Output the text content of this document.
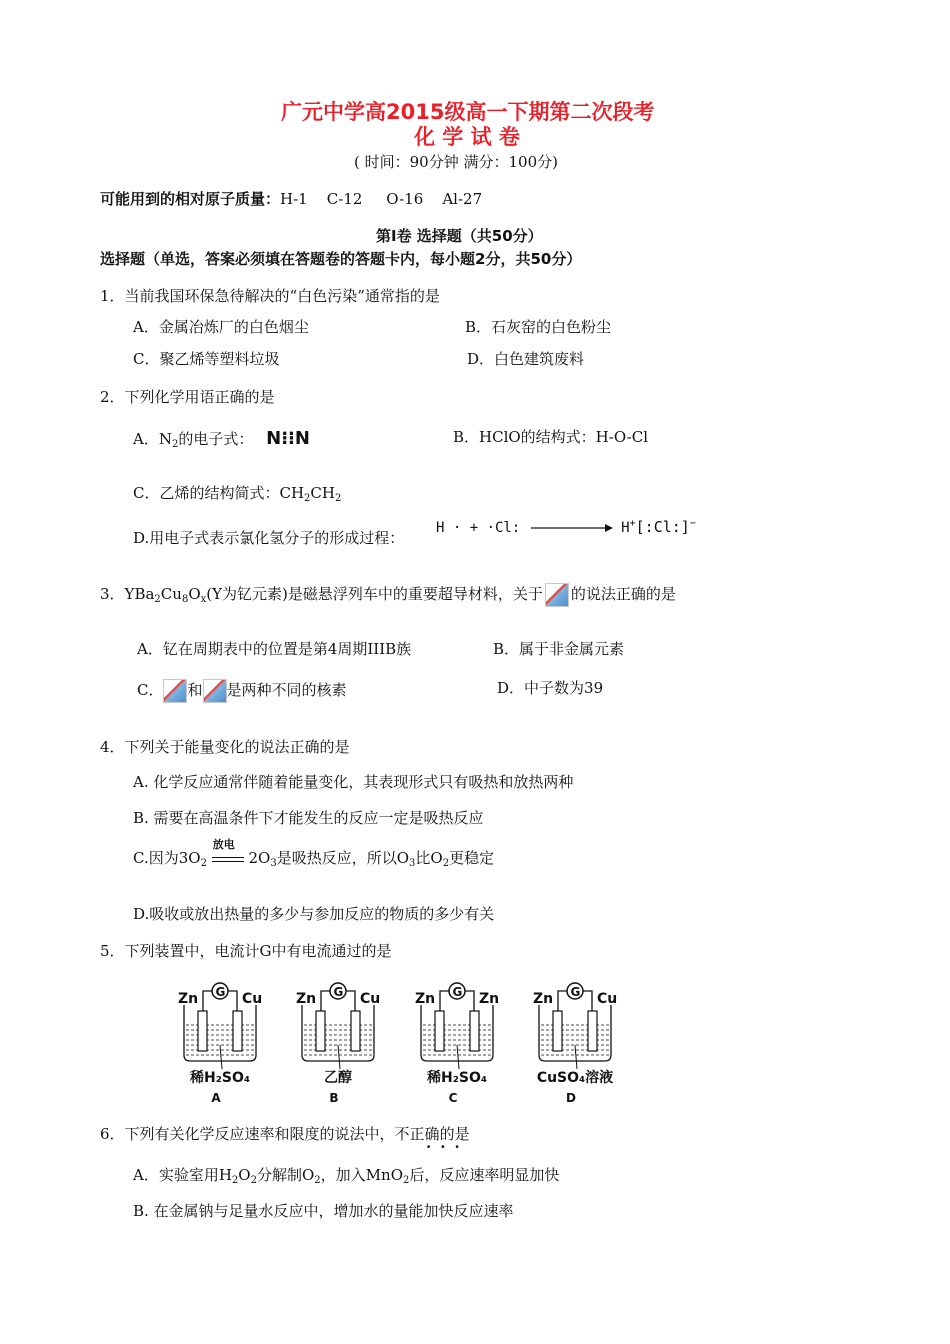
广元中学高2015级高一下期第二次段考
化 学 试 卷
( 时间：90分钟 满分：100分)
可能用到的相对原子质量：H-1    C-12     O-16    Al-27
第Ⅰ卷 选择题（共50分）
选择题（单选，答案必须填在答题卷的答题卡内，每小题2分，共50分）
1．当前我国环保急待解决的“白色污染”通常指的是
A．金属冶炼厂的白色烟尘	B．石灰窑的白色粉尘
C．聚乙烯等塑料垃圾	D．白色建筑废料
2．下列化学用语正确的是
A．$N_2$的电子式： N⁝⁝N	B．HClO的结构式：H-O-Cl
C．乙烯的结构简式：$CH_2CH_2$
D.用电子式表示氯化氢分子的形成过程：
H · + ·Cl:	H+[:Cl:]−
3．$YBa_2Cu_8O_x(Y$为钇元素)是磁悬浮列车中的重要超导材料，关于 的说法正确的是
A．钇在周期表中的位置是第4周期IIIB族	B．属于非金属元素
C． 和 是两种不同的核素	D．中子数为39
4．下列关于能量变化的说法正确的是
A. 化学反应通常伴随着能量变化，其表现形式只有吸热和放热两种
B. 需要在高温条件下才能发生的反应一定是吸热反应
C.因为$3O_2$
放电
$2O_3$是吸热反应，所以$O_3$比$O_2$更稳定
D.吸收或放出热量的多少与参加反应的物质的多少有关
5．下列装置中，电流计G中有电流通过的是
Zn	Cu
G
稀H₂SO₄
A
Zn	Cu
G
乙醇
B
Zn	Zn
G
稀H₂SO₄
C
Zn	Cu
G
CuSO₄溶液
D
6．下列有关化学反应速率和限度的说法中，不正确的是
···
A．实验室用$H_2O_2$分解制$O_2$，加入MnO$_2$后，反应速率明显加快
B. 在金属钠与足量水反应中，增加水的量能加快反应速率
